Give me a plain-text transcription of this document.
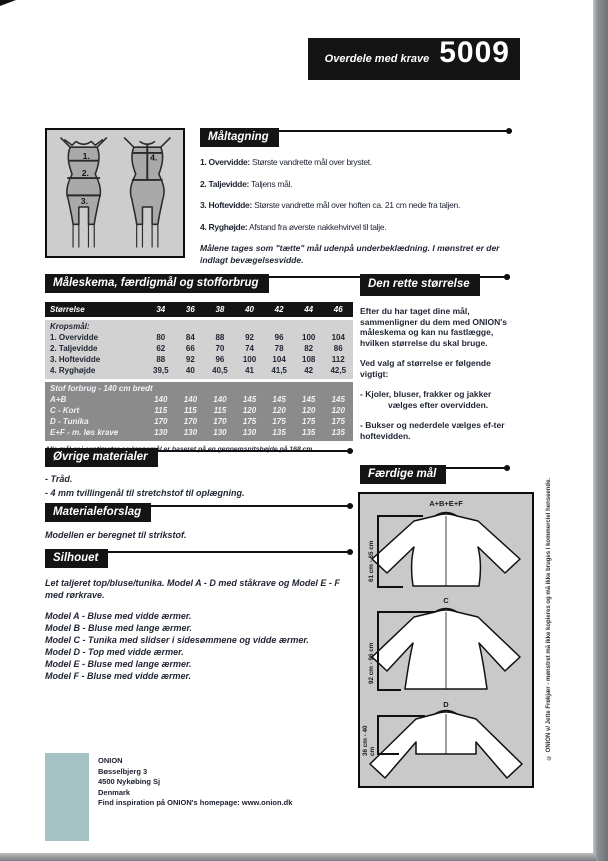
Overdele med krave 5009
1.
2.
3.
4.
Måltagning
1. Overvidde: Største vandrette mål over brystet.
2. Taljevidde: Taljens mål.
3. Hoftevidde: Største vandrette mål over hoften ca. 21 cm nede fra taljen.
4. Ryghøjde: Afstand fra øverste nakkehvirvel til talje.
Målene tages som "tætte" mål udenpå underbeklædning. I mønstret er der indlagt bevægelsesvidde.
Måleskema, færdigmål og stofforbrug
Størrelse	34	36	38	40	42	44	46
Kropsmål:
1. Overvidde	80	84	88	92	96	100	104
2. Taljevidde	62	66	70	74	78	82	86
3. Hoftevidde	88	92	96	100	104	108	112
4. Ryghøjde	39,5	40	40,5	41	41,5	42	42,5
Stof forbrug - 140 cm bredt
A+B	140	140	140	145	145	145	145
C - Kort	115	115	115	120	120	120	120
D - Tunika	170	170	170	175	175	175	175
E+F - m. løs krave	130	130	130	130	135	135	135
Den rette størrelse

Efter du har taget dine mål, sammenligner du dem med ONION's måleskema og kan nu fastlægge, hvilken størrelse du skal bruge.

Ved valg af størrelse er følgende vigtigt:

- Kjoler, bluser, frakker og jakker
vælges efter overvidden.

- Bukser og nederdele vælges ef-ter hoftevidden.

Øvrige materialer
- Tråd.
- 4 mm tvillingenål til stretchstof til oplægning.
Materialeforslag
Modellen er beregnet til strikstof.
Silhouet
Let taljeret top/bluse/tunika. Model A - D med ståkrave og Model E - F med rørkrave.
Model A - Bluse med vidde ærmer.
Model B - Bluse med lange ærmer.
Model C - Tunika med slidser i sidesømmene og vidde ærmer.
Model D - Top med vidde ærmer.
Model E - Bluse med lange ærmer.
Model F - Bluse med vidde ærmer.
Færdige mål
A+B+E+F
61 cm - 65 cm
C
92 cm - 96 cm
D
36 cm - 40 cm	© ONION v/ Jette Frøkjær - mønstret må ikke kopieres og må ikke bruges i kommerciel henseende.
ONION
Bøsselbjerg 3
4500 Nykøbing Sj
Denmark
Find inspiration på ONION's homepage: www.onion.dk
